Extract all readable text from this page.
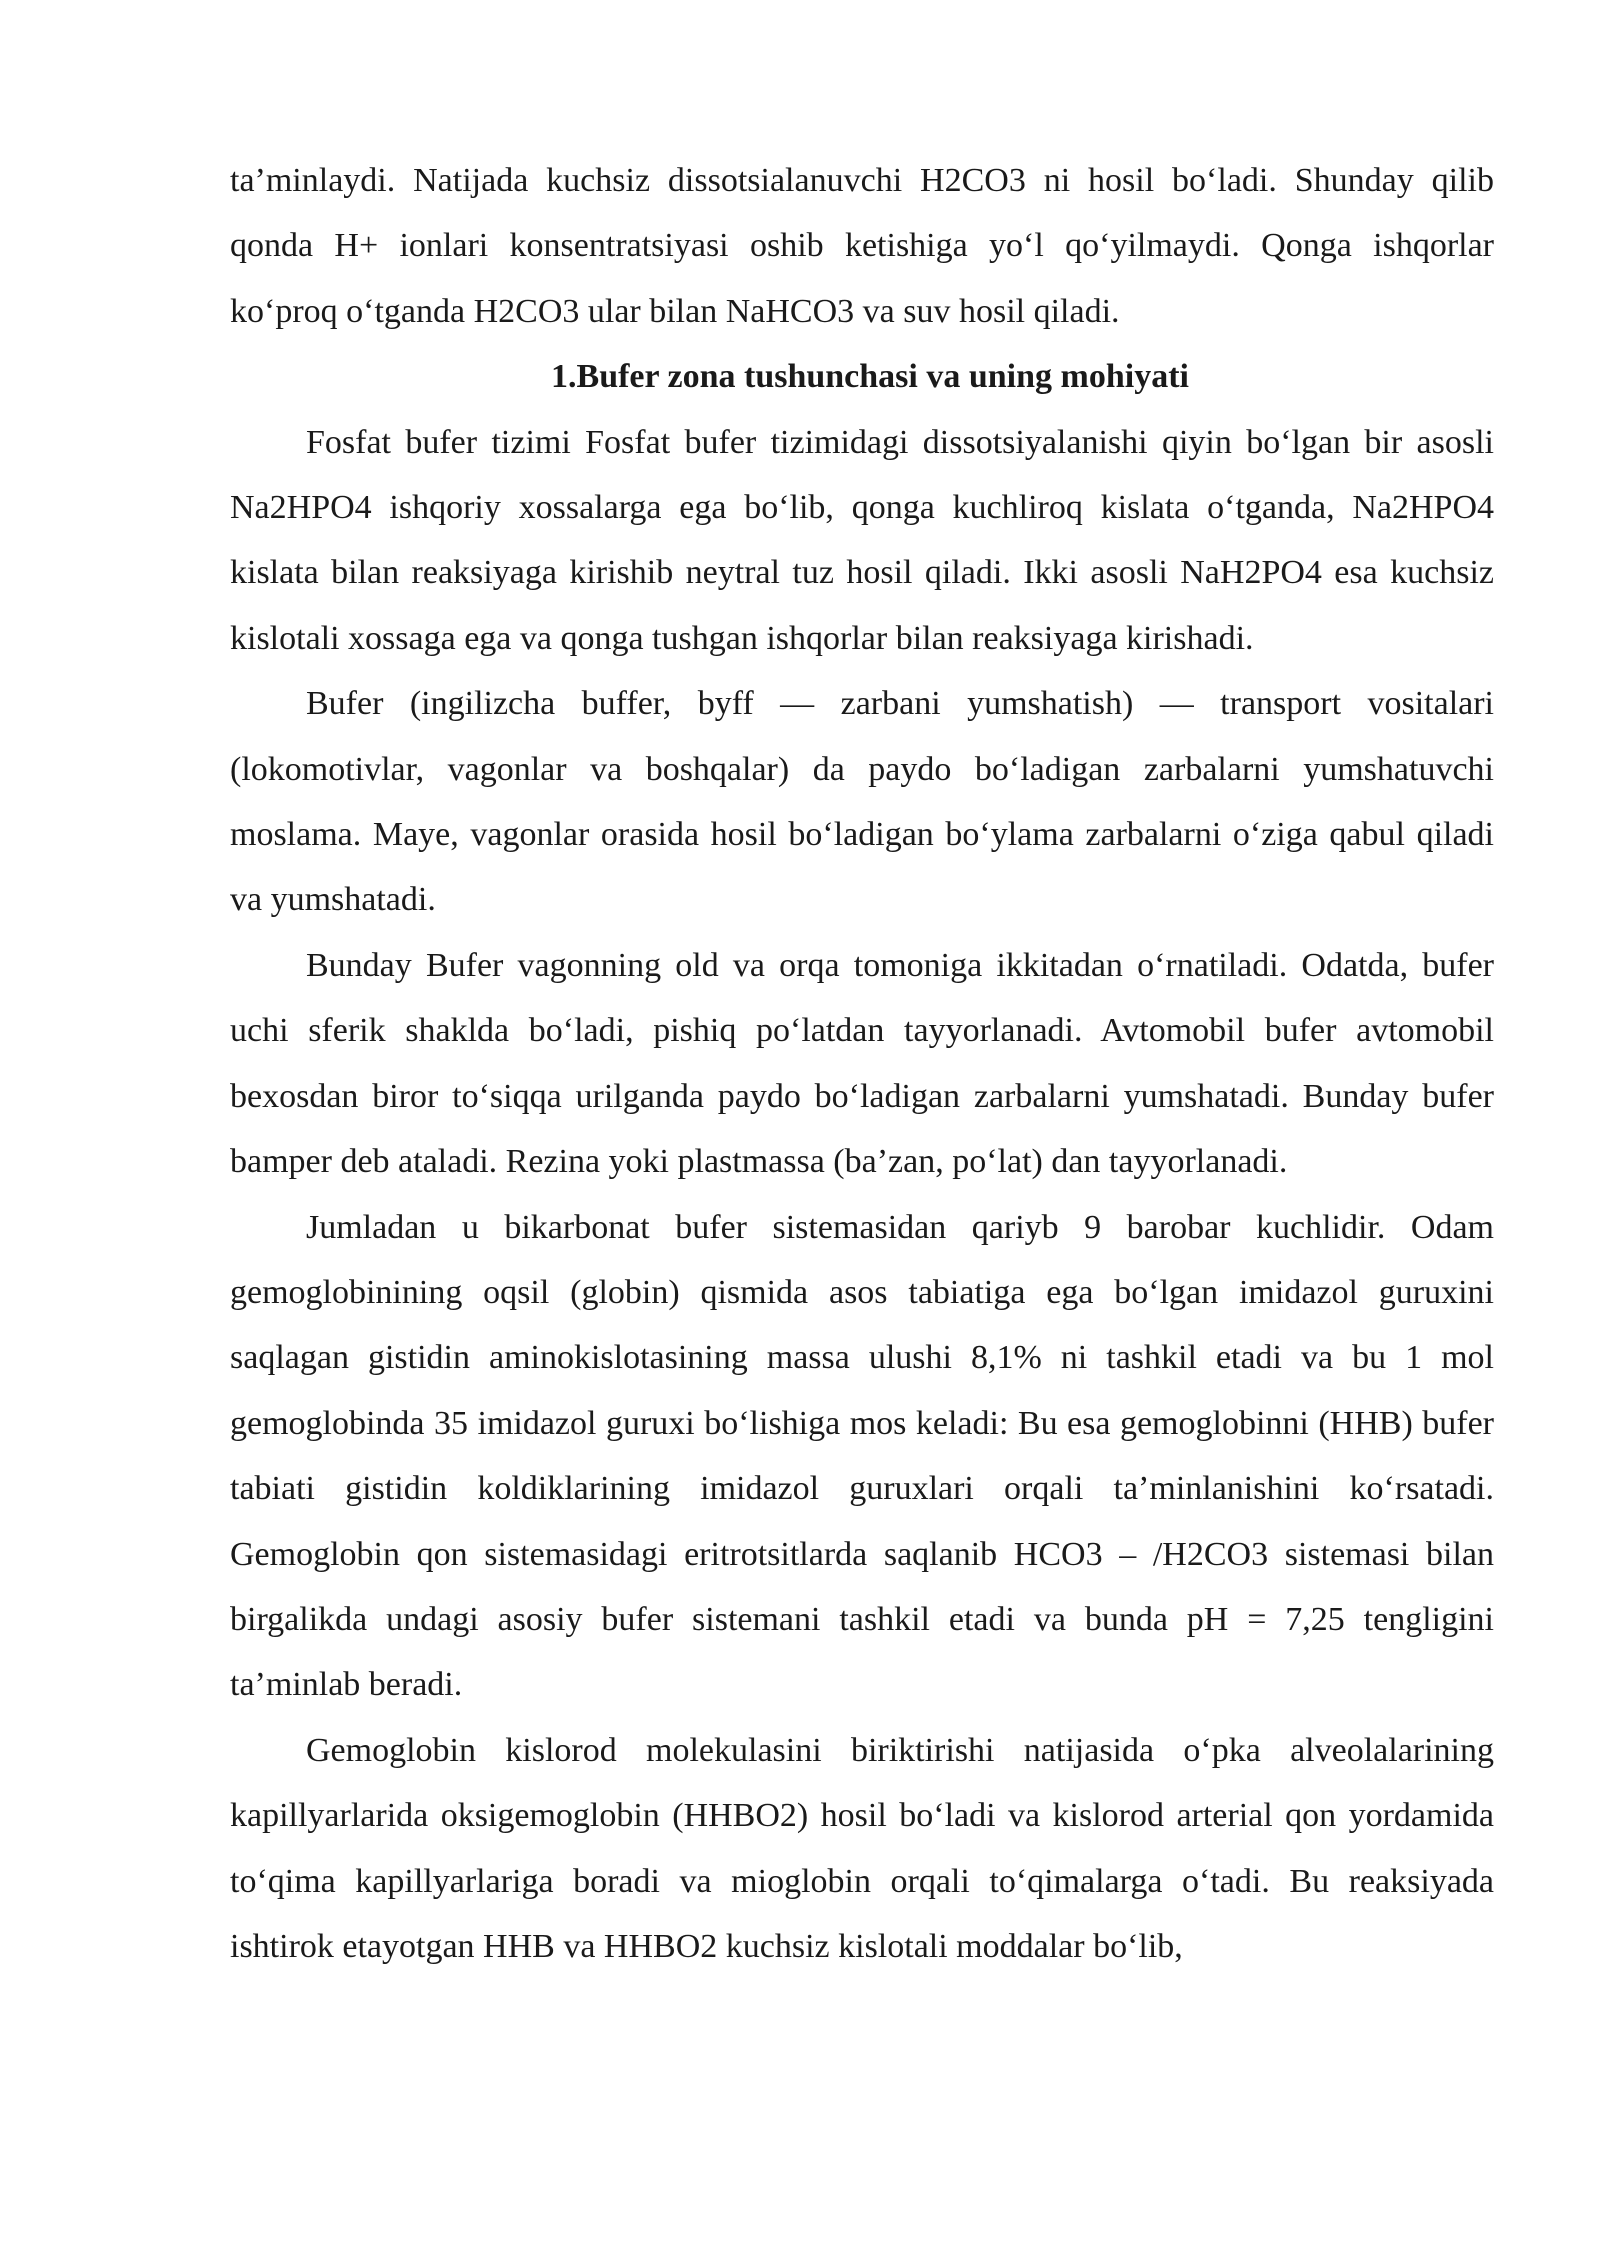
ta’minlaydi. Natijada kuchsiz dissotsialanuvchi H2CO3 ni hosil bo‘ladi. Shunday qilib qonda H+ ionlari konsentratsiyasi oshib ketishiga yo‘l qo‘yilmaydi. Qonga ishqorlar ko‘proq o‘tganda H2CO3 ular bilan NaHCO3 va suv hosil qiladi.

1.Bufer zona tushunchasi va uning mohiyati

Fosfat bufer tizimi Fosfat bufer tizimidagi dissotsiyalanishi qiyin bo‘lgan bir asosli Na2HPO4 ishqoriy xossalarga ega bo‘lib, qonga kuchliroq kislata o‘tganda, Na2HPO4 kislata bilan reaksiyaga kirishib neytral tuz hosil qiladi. Ikki asosli NaH2PO4 esa kuchsiz kislotali xossaga ega va qonga tushgan ishqorlar bilan reaksiyaga kirishadi.

Bufer (ingilizcha buffer, byff — zarbani yumshatish) — transport vositalari (lokomotivlar, vagonlar va boshqalar) da paydo bo‘ladigan zarbalarni yumshatuvchi moslama. Maye, vagonlar orasida hosil bo‘ladigan bo‘ylama zarbalarni o‘ziga qabul qiladi va yumshatadi.

Bunday Bufer vagonning old va orqa tomoniga ikkitadan o‘rnatiladi. Odatda, bufer uchi sferik shaklda bo‘ladi, pishiq po‘latdan tayyorlanadi. Avtomobil bufer avtomobil bexosdan biror to‘siqqa urilganda paydo bo‘ladigan zarbalarni yumshatadi. Bunday bufer bamper deb ataladi. Rezina yoki plastmassa (ba’zan, po‘lat) dan tayyorlanadi.

Jumladan u bikarbonat bufer sistemasidan qariyb 9 barobar kuchlidir. Odam gemoglobinining oqsil (globin) qismida asos tabiatiga ega bo‘lgan imidazol guruxini saqlagan gistidin aminokislotasining massa ulushi 8,1% ni tashkil etadi va bu 1 mol gemoglobinda 35 imidazol guruxi bo‘lishiga mos keladi: Bu esa gemoglobinni (HHB) bufer tabiati gistidin koldiklarining imidazol guruxlari orqali ta’minlanishini ko‘rsatadi. Gemoglobin qon sistemasidagi eritrotsitlarda saqlanib HCO3 – /H2CO3 sistemasi bilan birgalikda undagi asosiy bufer sistemani tashkil etadi va bunda pH = 7,25 tengligini ta’minlab beradi.

Gemoglobin kislorod molekulasini biriktirishi natijasida o‘pka alveolalarining kapillyarlarida oksigemoglobin (HHBO2) hosil bo‘ladi va kislorod arterial qon yordamida to‘qima kapillyarlariga boradi va mioglobin orqali to‘qimalarga o‘tadi. Bu reaksiyada ishtirok etayotgan HHB va HHBO2 kuchsiz kislotali moddalar bo‘lib,
